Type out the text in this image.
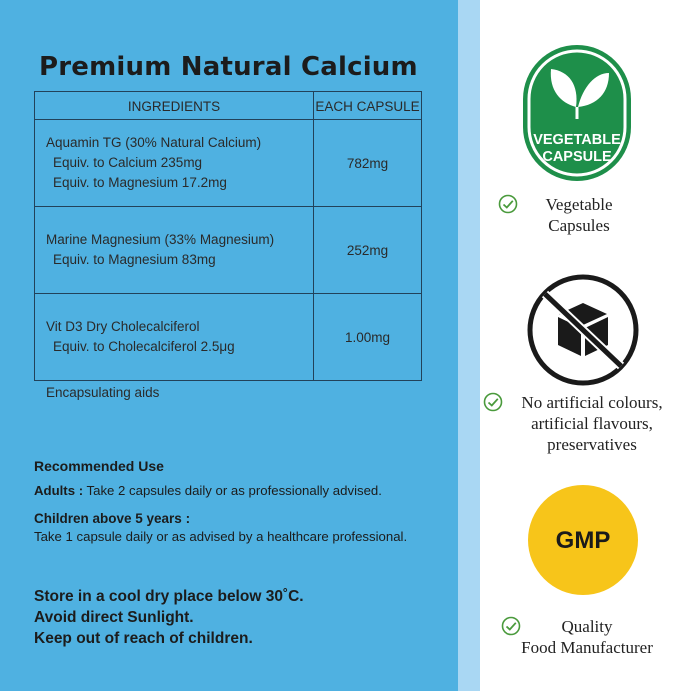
Premium Natural Calcium
INGREDIENTS	EACH CAPSULE
Aquamin TG (30% Natural Calcium)
Equiv. to Calcium 235mg
Equiv. to Magnesium 17.2mg	782mg
Marine Magnesium (33% Magnesium)
Equiv. to Magnesium 83mg	252mg
Vit D3 Dry Cholecalciferol
Equiv. to Cholecalciferol 2.5μg	1.00mg
Encapsulating aids
Recommended Use
Adults : Take 2 capsules daily or as professionally advised.
Children above 5 years :
Take 1 capsule daily or as advised by a healthcare professional.
Store in a cool dry place below 30˚C.
Avoid direct Sunlight.
Keep out of reach of children.
VEGETABLE
CAPSULE
Vegetable
Capsules
No artificial colours,
artificial flavours,
preservatives
GMP
Quality
Food Manufacturer
